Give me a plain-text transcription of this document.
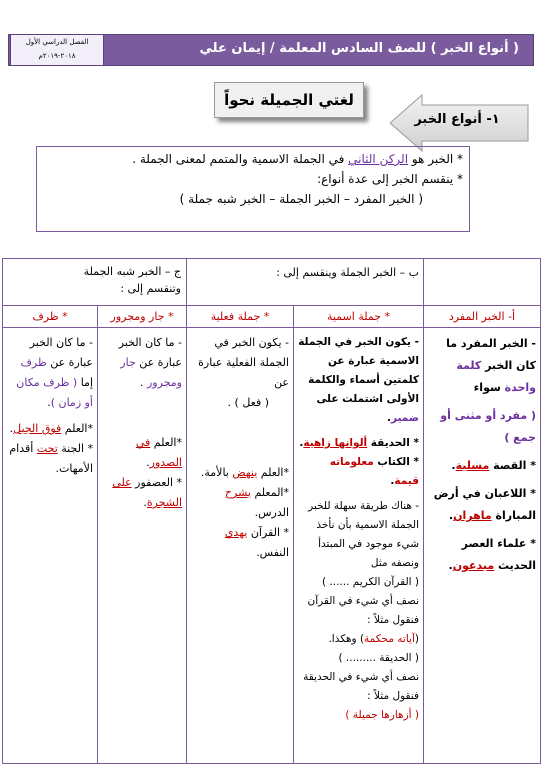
( أنواع الخبر ) للصف السادس المعلمة / إيمان علي
الفصل الدراسي الأول
٢٠١٨-٢٠١٩م
لغتي الجميلة نحواً
١- أنواع الخبر

* الخبر هو الركن الثاني في الجملة الاسمية والمتمم لمعنى الجملة .

* ينقسم الخبر إلى عدة أنواع:

( الخبر المفرد – الخبر الجملة – الخبر شبه جملة )

ب – الخبر الجملة وينقسم إلى :
ج – الخبر شبه الجملة
وتنقسم إلى :
أ- الخبر المفرد
* جملة اسمية
* جملة فعلية
* جار ومجرور
* ظرف
- الخبر المفرد ما كان الخبر كلمة واحدة سواء
( مفرد أو مثنى أو جمع )
* القصة مسلية.
* اللاعبان في أرض المباراة ماهران.
* علماء العصر الحديث مبدعون.
- يكون الخبر في الجملة الاسمية عبارة عن كلمتين أسماء والكلمة الأولى اشتملت على ضمير.
* الحديقة ألوانها زاهية.
* الكتاب معلوماته قيمة.
- هناك طريقة سهلة للخبر الجملة الاسمية بأن نأخذ شيء موجود في المبتدأ ونصفه مثل
( القرآن الكريم ...... )
نصف أي شيء في القرآن فنقول مثلاً :
(آياته محكمة) وهكذا.
( الحديقة ......... )
نصف أي شيء في الحديقة فنقول مثلاً :
( أزهارها جميلة )
- يكون الخبر في الجملة الفعلية عبارة عن
( فعل ) .
*العلم ينهض بالأمة.
*المعلم يشرح الدرس.
* القرآن يهدي النفس.
- ما كان الخبر عبارة عن جار ومجرور .
*العلم في الصدور.
* العصفور على الشجرة.
- ما كان الخبر عبارة عن ظرف إما ( ظرف مكان أو زمان ).
*العلم فوق الجبل.
* الجنة تحت أقدام الأمهات.
